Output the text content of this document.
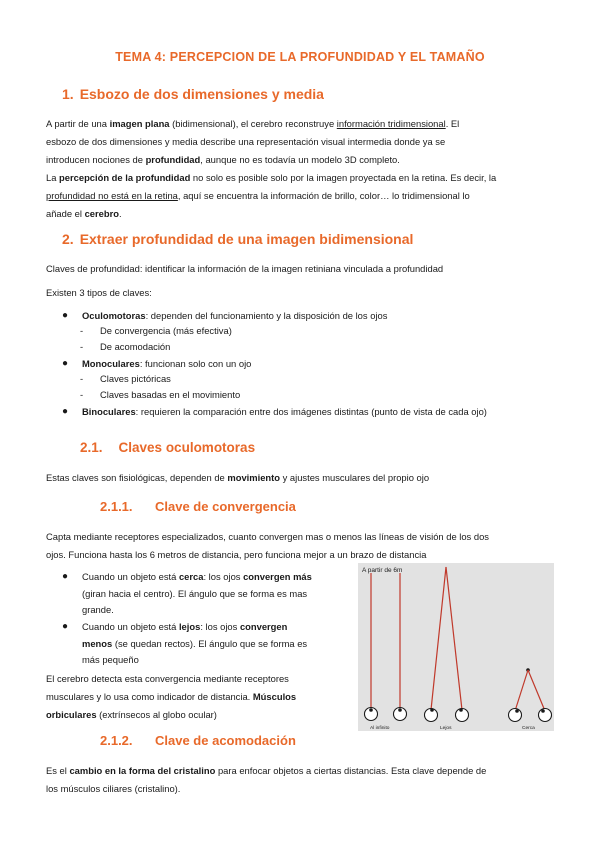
TEMA 4: PERCEPCION DE LA PROFUNDIDAD Y EL TAMAÑO
1. Esbozo de dos dimensiones y media
A partir de una imagen plana (bidimensional), el cerebro reconstruye información tridimensional. El
esbozo de dos dimensiones y media describe una representación visual intermedia donde ya se
introducen nociones de profundidad, aunque no es todavía un modelo 3D completo.
La percepción de la profundidad no solo es posible solo por la imagen proyectada en la retina. Es decir, la
profundidad no está en la retina, aquí se encuentra la información de brillo, color… lo tridimensional lo
añade el cerebro.
2. Extraer profundidad de una imagen bidimensional
Claves de profundidad: identificar la información de la imagen retiniana vinculada a profundidad
Existen 3 tipos de claves:
● Oculomotoras: dependen del funcionamiento y la disposición de los ojos
- De convergencia (más efectiva)
- De acomodación
● Monoculares: funcionan solo con un ojo
- Claves pictóricas
- Claves basadas en el movimiento
● Binoculares: requieren la comparación entre dos imágenes distintas (punto de vista de cada ojo)
2.1. Claves oculomotoras
Estas claves son fisiológicas, dependen de movimiento y ajustes musculares del propio ojo
2.1.1. Clave de convergencia
Capta mediante receptores especializados, cuanto convergen mas o menos las líneas de visión de los dos
ojos. Funciona hasta los 6 metros de distancia, pero funciona mejor a un brazo de distancia
● Cuando un objeto está cerca: los ojos convergen más
(giran hacia el centro). El ángulo que se forma es mas
grande.
● Cuando un objeto está lejos: los ojos convergen
menos (se quedan rectos). El ángulo que se forma es
más pequeño
El cerebro detecta esta convergencia mediante receptores
musculares y lo usa como indicador de distancia. Músculos
orbiculares (extrínsecos al globo ocular)
A partir de 6m
Al infinito	Lejos	Cerca
2.1.2. Clave de acomodación
Es el cambio en la forma del cristalino para enfocar objetos a ciertas distancias. Esta clave depende de
los músculos ciliares (cristalino).
